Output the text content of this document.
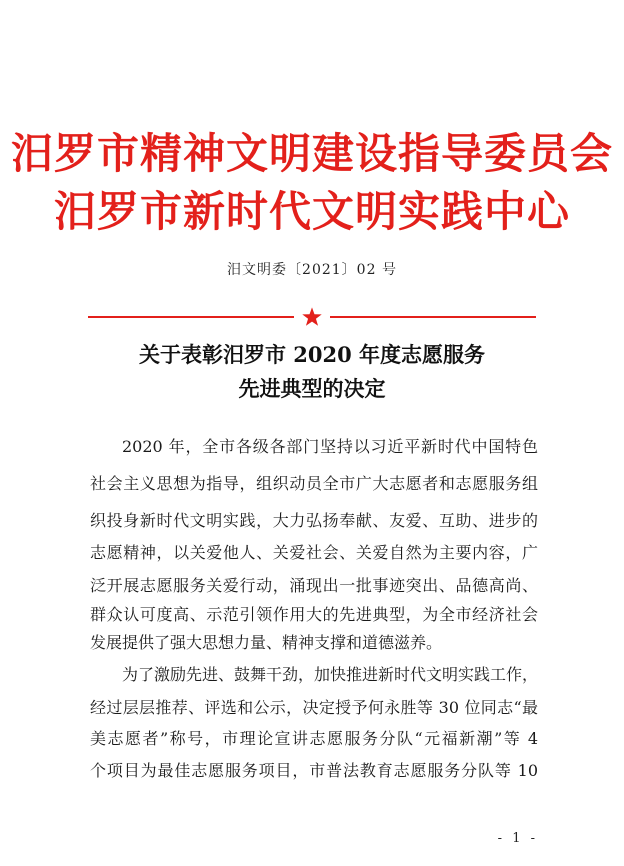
汨罗市精神文明建设指导委员会
汨罗市新时代文明实践中心
汨文明委〔2021〕02 号
关于表彰汨罗市 2020 年度志愿服务
先进典型的决定
2020 年，全市各级各部门坚持以习近平新时代中国特色
社会主义思想为指导，组织动员全市广大志愿者和志愿服务组
织投身新时代文明实践，大力弘扬奉献、友爱、互助、进步的
志愿精神，以关爱他人、关爱社会、关爱自然为主要内容，广
泛开展志愿服务关爱行动，涌现出一批事迹突出、品德高尚、
群众认可度高、示范引领作用大的先进典型，为全市经济社会
发展提供了强大思想力量、精神支撑和道德滋养。
为了激励先进、鼓舞干劲，加快推进新时代文明实践工作，
经过层层推荐、评选和公示，决定授予何永胜等 30 位同志“最
美志愿者”称号，市理论宣讲志愿服务分队“元福新潮”等 4
个项目为最佳志愿服务项目，市普法教育志愿服务分队等 10
- 1 -
